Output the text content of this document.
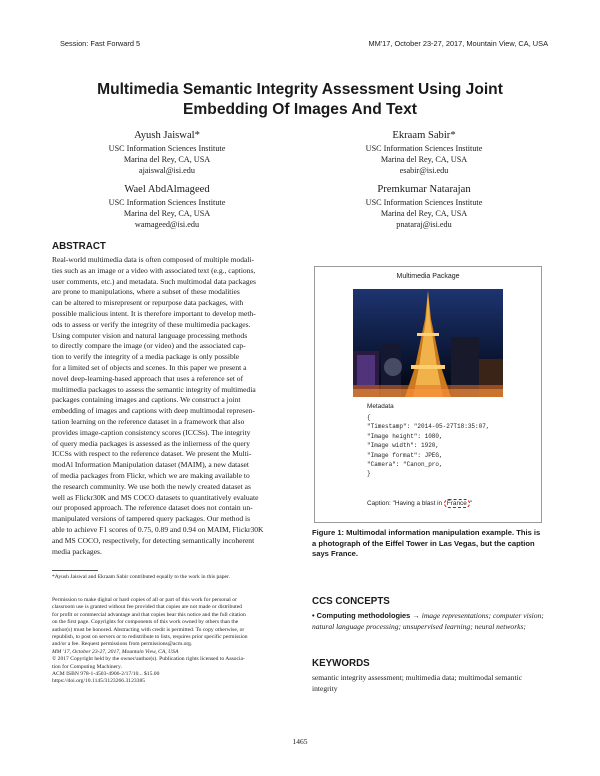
Session: Fast Forward 5	MM'17, October 23-27, 2017, Mountain View, CA, USA
Multimedia Semantic Integrity Assessment Using Joint
Embedding Of Images And Text
Ayush Jaiswal*
USC Information Sciences Institute
Marina del Rey, CA, USA
ajaiswal@isi.edu
Ekraam Sabir*
USC Information Sciences Institute
Marina del Rey, CA, USA
esabir@isi.edu
Wael AbdAlmageed
USC Information Sciences Institute
Marina del Rey, CA, USA
wamageed@isi.edu
Premkumar Natarajan
USC Information Sciences Institute
Marina del Rey, CA, USA
pnataraj@isi.edu
ABSTRACT
Real-world multimedia data is often composed of multiple modali-
ties such as an image or a video with associated text (e.g., captions,
user comments, etc.) and metadata. Such multimodal data packages
are prone to manipulations, where a subset of these modalities
can be altered to misrepresent or repurpose data packages, with
possible malicious intent. It is therefore important to develop meth-
ods to assess or verify the integrity of these multimedia packages.
Using computer vision and natural language processing methods
to directly compare the image (or video) and the associated cap-
tion to verify the integrity of a media package is only possible
for a limited set of objects and scenes. In this paper we present a
novel deep-learning-based approach that uses a reference set of
multimedia packages to assess the semantic integrity of multimedia
packages containing images and captions. We construct a joint
embedding of images and captions with deep multimodal represen-
tation learning on the reference dataset in a framework that also
provides image-caption consistency scores (ICCSs). The integrity
of query media packages is assessed as the inlierness of the query
ICCSs with respect to the reference dataset. We present the Multi-
modAl Information Manipulation dataset (MAIM), a new dataset
of media packages from Flickr, which we are making available to
the research community. We use both the newly created dataset as
well as Flickr30K and MS COCO datasets to quantitatively evaluate
our proposed approach. The reference dataset does not contain un-
manipulated versions of tampered query packages. Our method is
able to achieve F1 scores of 0.75, 0.89 and 0.94 on MAIM, Flickr30K
and MS COCO, respectively, for detecting semantically incoherent
media packages.
*Ayush Jaiswal and Ekraam Sabir contributed equally to the work in this paper.
Permission to make digital or hard copies of all or part of this work for personal or
classroom use is granted without fee provided that copies are not made or distributed
for profit or commercial advantage and that copies bear this notice and the full citation
on the first page. Copyrights for components of this work owned by others than the
author(s) must be honored. Abstracting with credit is permitted. To copy otherwise, or
republish, to post on servers or to redistribute to lists, requires prior specific permission
and/or a fee. Request permissions from permissions@acm.org.
MM '17, October 23-27, 2017, Mountain View, CA, USA
© 2017 Copyright held by the owner/author(s). Publication rights licensed to Associa-
tion for Computing Machinery.
ACM ISBN 978-1-4503-4906-2/17/10... $15.00
https://doi.org/10.1145/3123266.3123385
Multimedia Package
Metadata
{
"Timestamp": "2014-05-27T18:35:07,
"Image height": 1080,
"Image width": 1920,
"Image format": JPEG,
"Camera": "Canon_pro,
}
Caption: "Having a blast in France "
Figure 1: Multimodal information manipulation example. This is a photograph of the Eiffel Tower in Las Vegas, but the caption says France.
CCS CONCEPTS
• Computing methodologies → image representations; computer vision; natural language processing; unsupervised learning; neural networks;
KEYWORDS
semantic integrity assessment; multimedia data; multimodal semantic integrity
1465
